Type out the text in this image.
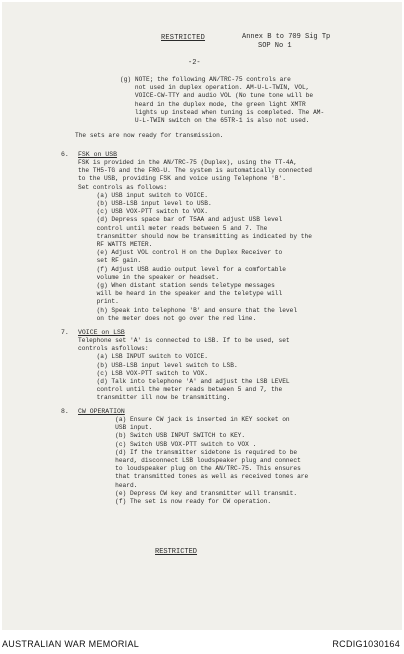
RESTRICTED	Annex B to 709 Sig Tp
SOP No 1
-2-
(g) NOTE; the following AN/TRC-75 controls are
not used in duplex operation. AM-U-L-TWIN, VOL,
VOICE-CW-TTY and audio VOL (No tune tone will be
heard in the duplex mode, the green light XMTR
lights up instead when tuning is completed. The AM-
U-L-TWIN switch on the 65TR-1 is also not used.
The sets are now ready for transmission.
6. FSK on USB
FSK is provided in the AN/TRC-75 (Duplex), using the TT-4A,
the TH5-TG and the FRG-U. The system is automatically connected
to the USB, providing FSK and voice using Telephone 'B'.
Set controls as follows:
(a) USB input switch to VOICE.
(b) USB-LSB input level to USB.
(c) USB VOX-PTT switch to VOX.
(d) Depress space bar of T5AA and adjust USB level
control until meter reads between 5 and 7. The
transmitter should now be transmitting as indicated by the
RF WATTS METER.
(e) Adjust VOL control H on the Duplex Receiver to
set RF gain.
(f) Adjust USB audio output level for a comfortable
volume in the speaker or headset.
(g) When distant station sends teletype messages
will be heard in the speaker and the teletype will
print.
(h) Speak into telephone 'B' and ensure that the level
on the meter does not go over the red line.
7. VOICE on LSB
Telephone set 'A' is connected to LSB. If to be used, set
controls asfollows:
(a) LSB INPUT switch to VOICE.
(b) USB-LSB input level switch to LSB.
(c) LSB VOX-PTT switch to VOX.
(d) Talk into telephone 'A' and adjust the LSB LEVEL
control until the meter reads between 5 and 7, the
transmitter ill now be transmitting.
8. CW OPERATION
(a) Ensure CW jack is inserted in KEY socket on
USB input.
(b) Switch USB INPUT SWITCH to KEY.
(c) Switch USB VOX-PTT switch to VOX .
(d) If the transmitter sidetone is required to be
heard, disconnect LSB loudspeaker plug and connect
to loudspeaker plug on the AN/TRC-75. This ensures
that transmitted tones as well as received tones are
heard.
(e) Depress CW key and transmitter will transmit.
(f) The set is now ready for CW operation.
RESTRICTED
AUSTRALIAN WAR MEMORIAL	RCDIG1030164
